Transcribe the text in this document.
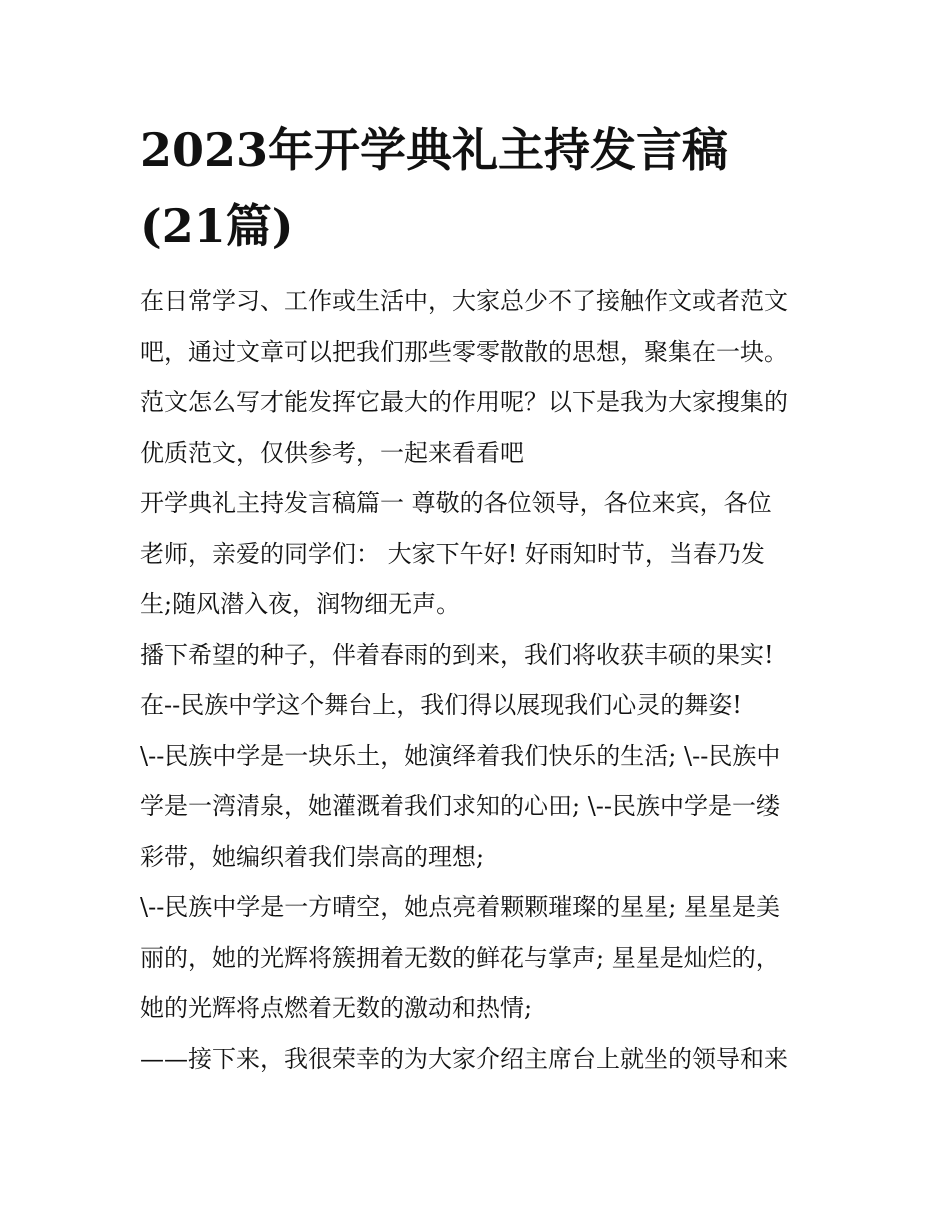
2023年开学典礼主持发言稿
(21篇)
在日常学习、工作或生活中，大家总少不了接触作文或者范文
吧，通过文章可以把我们那些零零散散的思想，聚集在一块。
范文怎么写才能发挥它最大的作用呢？以下是我为大家搜集的
优质范文，仅供参考，一起来看看吧
开学典礼主持发言稿篇一 尊敬的各位领导，各位来宾，各位
老师，亲爱的同学们： 大家下午好! 好雨知时节，当春乃发
生;随风潜入夜，润物细无声。
播下希望的种子，伴着春雨的到来，我们将收获丰硕的果实!
在--民族中学这个舞台上，我们得以展现我们心灵的舞姿!
\--民族中学是一块乐土，她演绎着我们快乐的生活; \--民族中
学是一湾清泉，她灌溉着我们求知的心田; \--民族中学是一缕
彩带，她编织着我们崇高的理想;
\--民族中学是一方晴空，她点亮着颗颗璀璨的星星; 星星是美
丽的，她的光辉将簇拥着无数的鲜花与掌声; 星星是灿烂的，
她的光辉将点燃着无数的激动和热情;
——接下来，我很荣幸的为大家介绍主席台上就坐的领导和来
